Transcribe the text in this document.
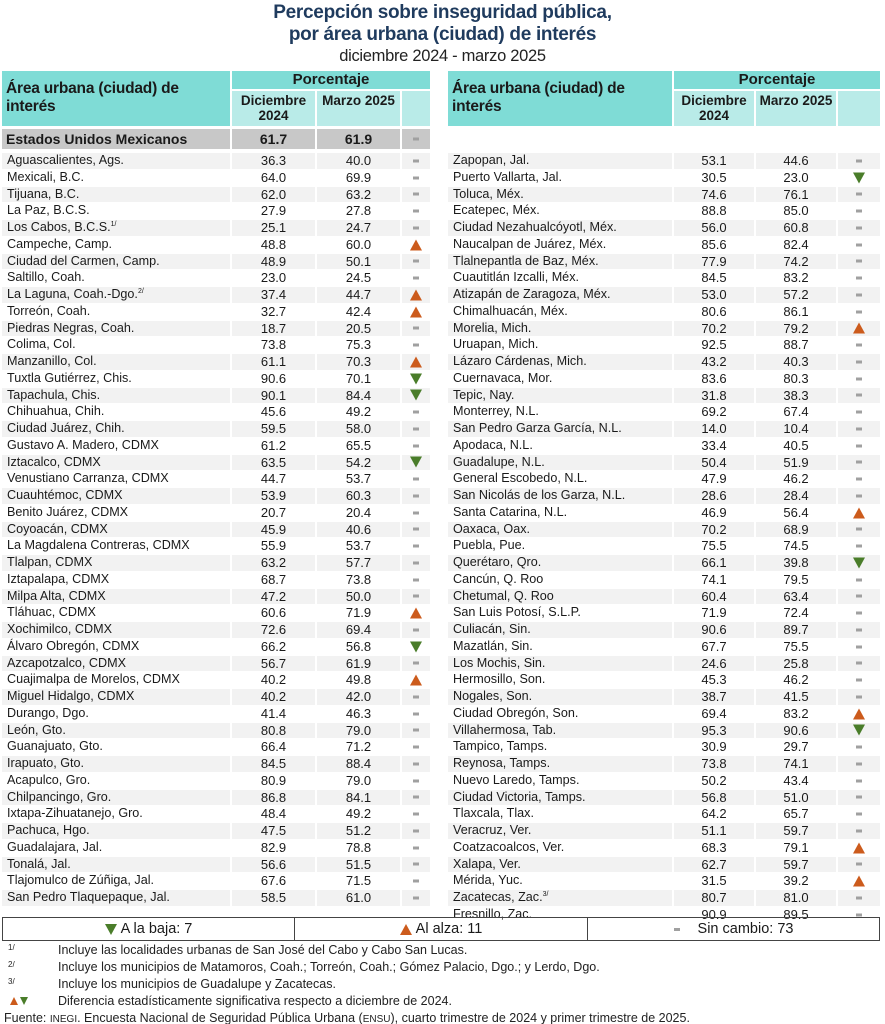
Percepción sobre inseguridad pública,
por área urbana (ciudad) de interés
diciembre 2024 - marzo 2025
Área urbana (ciudad) de interés
Porcentaje
Diciembre 2024
Marzo 2025
Estados Unidos Mexicanos	61.7	61.9
Aguascalientes, Ags.	36.3	40.0
Mexicali, B.C.	64.0	69.9
Tijuana, B.C.	62.0	63.2
La Paz, B.C.S.	27.9	27.8
Los Cabos, B.C.S.$^{1/}$	25.1	24.7
Campeche, Camp.	48.8	60.0
Ciudad del Carmen, Camp.	48.9	50.1
Saltillo, Coah.	23.0	24.5
La Laguna, Coah.-Dgo.$^{2/}$	37.4	44.7
Torreón, Coah.	32.7	42.4
Piedras Negras, Coah.	18.7	20.5
Colima, Col.	73.8	75.3
Manzanillo, Col.	61.1	70.3
Tuxtla Gutiérrez, Chis.	90.6	70.1
Tapachula, Chis.	90.1	84.4
Chihuahua, Chih.	45.6	49.2
Ciudad Juárez, Chih.	59.5	58.0
Gustavo A. Madero, CDMX	61.2	65.5
Iztacalco, CDMX	63.5	54.2
Venustiano Carranza, CDMX	44.7	53.7
Cuauhtémoc, CDMX	53.9	60.3
Benito Juárez, CDMX	20.7	20.4
Coyoacán, CDMX	45.9	40.6
La Magdalena Contreras, CDMX	55.9	53.7
Tlalpan, CDMX	63.2	57.7
Iztapalapa, CDMX	68.7	73.8
Milpa Alta, CDMX	47.2	50.0
Tláhuac, CDMX	60.6	71.9
Xochimilco, CDMX	72.6	69.4
Álvaro Obregón, CDMX	66.2	56.8
Azcapotzalco, CDMX	56.7	61.9
Cuajimalpa de Morelos, CDMX	40.2	49.8
Miguel Hidalgo, CDMX	40.2	42.0
Durango, Dgo.	41.4	46.3
León, Gto.	80.8	79.0
Guanajuato, Gto.	66.4	71.2
Irapuato, Gto.	84.5	88.4
Acapulco, Gro.	80.9	79.0
Chilpancingo, Gro.	86.8	84.1
Ixtapa-Zihuatanejo, Gro.	48.4	49.2
Pachuca, Hgo.	47.5	51.2
Guadalajara, Jal.	82.9	78.8
Tonalá, Jal.	56.6	51.5
Tlajomulco de Zúñiga, Jal.	67.6	71.5
San Pedro Tlaquepaque, Jal.	58.5	61.0
Área urbana (ciudad) de interés
Porcentaje
Diciembre 2024
Marzo 2025
Zapopan, Jal.	53.1	44.6
Puerto Vallarta, Jal.	30.5	23.0
Toluca, Méx.	74.6	76.1
Ecatepec, Méx.	88.8	85.0
Ciudad Nezahualcóyotl, Méx.	56.0	60.8
Naucalpan de Juárez, Méx.	85.6	82.4
Tlalnepantla de Baz, Méx.	77.9	74.2
Cuautitlán Izcalli, Méx.	84.5	83.2
Atizapán de Zaragoza, Méx.	53.0	57.2
Chimalhuacán, Méx.	80.6	86.1
Morelia, Mich.	70.2	79.2
Uruapan, Mich.	92.5	88.7
Lázaro Cárdenas, Mich.	43.2	40.3
Cuernavaca, Mor.	83.6	80.3
Tepic, Nay.	31.8	38.3
Monterrey, N.L.	69.2	67.4
San Pedro Garza García, N.L.	14.0	10.4
Apodaca, N.L.	33.4	40.5
Guadalupe, N.L.	50.4	51.9
General Escobedo, N.L.	47.9	46.2
San Nicolás de los Garza, N.L.	28.6	28.4
Santa Catarina, N.L.	46.9	56.4
Oaxaca, Oax.	70.2	68.9
Puebla, Pue.	75.5	74.5
Querétaro, Qro.	66.1	39.8
Cancún, Q. Roo	74.1	79.5
Chetumal, Q. Roo	60.4	63.4
San Luis Potosí, S.L.P.	71.9	72.4
Culiacán, Sin.	90.6	89.7
Mazatlán, Sin.	67.7	75.5
Los Mochis, Sin.	24.6	25.8
Hermosillo, Son.	45.3	46.2
Nogales, Son.	38.7	41.5
Ciudad Obregón, Son.	69.4	83.2
Villahermosa, Tab.	95.3	90.6
Tampico, Tamps.	30.9	29.7
Reynosa, Tamps.	73.8	74.1
Nuevo Laredo, Tamps.	50.2	43.4
Ciudad Victoria, Tamps.	56.8	51.0
Tlaxcala, Tlax.	64.2	65.7
Veracruz, Ver.	51.1	59.7
Coatzacoalcos, Ver.	68.3	79.1
Xalapa, Ver.	62.7	59.7
Mérida, Yuc.	31.5	39.2
Zacatecas, Zac.$^{3/}$	80.7	81.0
Fresnillo, Zac.	90.9	89.5
A la baja: 7	Al alza: 11	Sin cambio: 73
1/	Incluye las localidades urbanas de San José del Cabo y Cabo San Lucas.
2/	Incluye los municipios de Matamoros, Coah.; Torreón, Coah.; Gómez Palacio, Dgo.; y Lerdo, Dgo.
3/	Incluye los municipios de Guadalupe y Zacatecas.
Diferencia estadísticamente significativa respecto a diciembre de 2024.
Fuente: INEGI. Encuesta Nacional de Seguridad Pública Urbana (ENSU), cuarto trimestre de 2024 y primer trimestre de 2025.
